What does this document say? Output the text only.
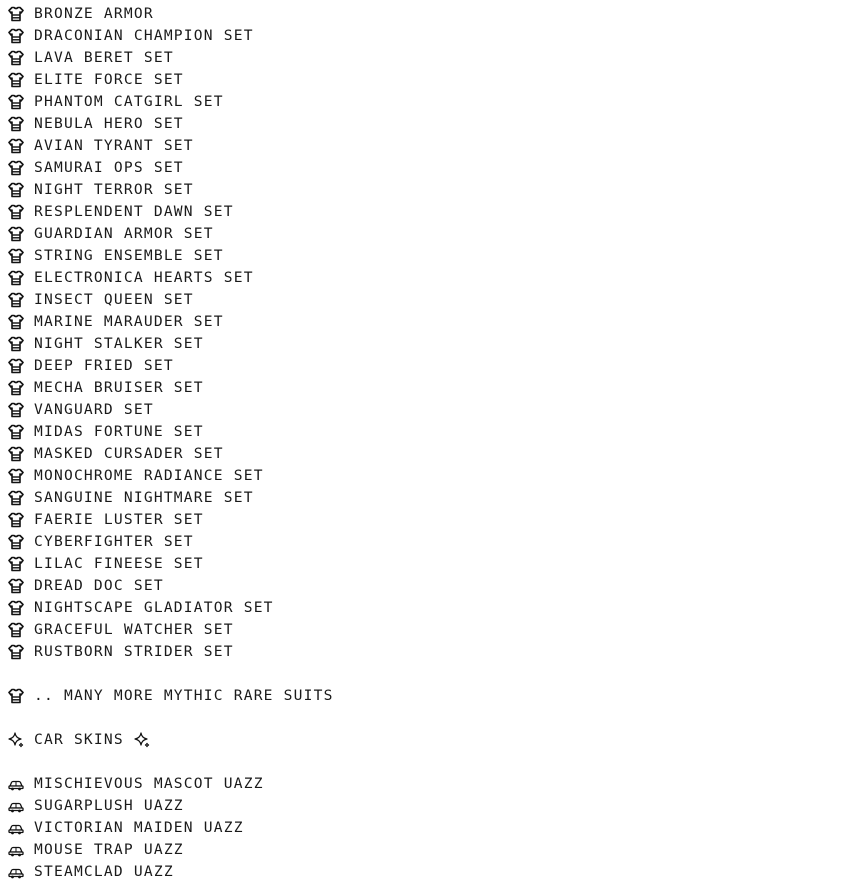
BRONZE ARMOR
DRACONIAN CHAMPION SET
LAVA BERET SET
ELITE FORCE SET
PHANTOM CATGIRL SET
NEBULA HERO SET
AVIAN TYRANT SET
SAMURAI OPS SET
NIGHT TERROR SET
RESPLENDENT DAWN SET
GUARDIAN ARMOR SET
STRING ENSEMBLE SET
ELECTRONICA HEARTS SET
INSECT QUEEN SET
MARINE MARAUDER SET
NIGHT STALKER SET
DEEP FRIED SET
MECHA BRUISER SET
VANGUARD SET
MIDAS FORTUNE SET
MASKED CURSADER SET
MONOCHROME RADIANCE SET
SANGUINE NIGHTMARE SET
FAERIE LUSTER SET
CYBERFIGHTER SET
LILAC FINEESE SET
DREAD DOC SET
NIGHTSCAPE GLADIATOR SET
GRACEFUL WATCHER SET
RUSTBORN STRIDER SET
.. MANY MORE MYTHIC RARE SUITS
CAR SKINS
MISCHIEVOUS MASCOT UAZZ
SUGARPLUSH UAZZ
VICTORIAN MAIDEN UAZZ
MOUSE TRAP UAZZ
STEAMCLAD UAZZ
